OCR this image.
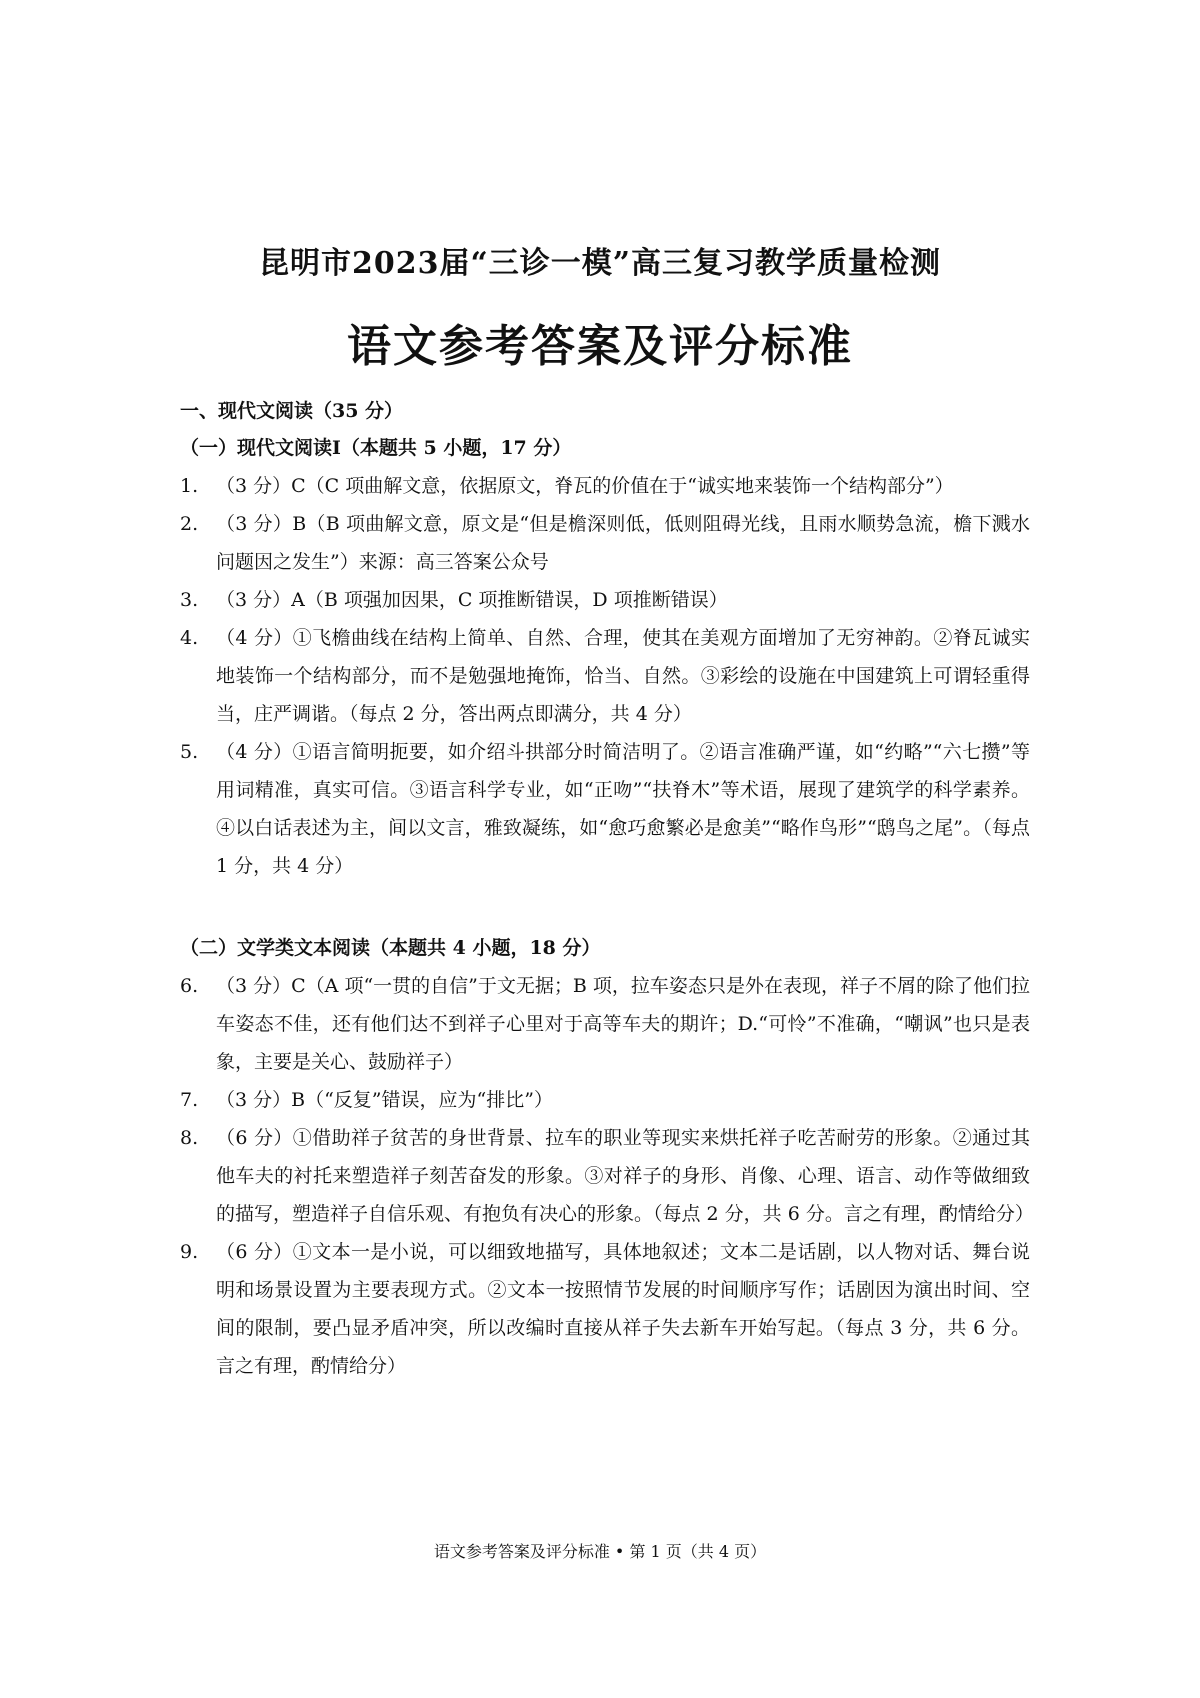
昆明市2023届“三诊一模”高三复习教学质量检测
语文参考答案及评分标准
一、现代文阅读（35 分）
（一）现代文阅读Ⅰ（本题共 5 小题，17 分）
1. （3 分）C（C 项曲解文意，依据原文，脊瓦的价值在于“诚实地来装饰一个结构部分”）
2. （3 分）B（B 项曲解文意，原文是“但是檐深则低，低则阻碍光线，且雨水顺势急流，檐下溅水问题因之发生”）来源：高三答案公众号
3. （3 分）A（B 项强加因果，C 项推断错误，D 项推断错误）
4. （4 分）①飞檐曲线在结构上简单、自然、合理，使其在美观方面增加了无穷神韵。②脊瓦诚实地装饰一个结构部分，而不是勉强地掩饰，恰当、自然。③彩绘的设施在中国建筑上可谓轻重得当，庄严调谐。（每点 2 分，答出两点即满分，共 4 分）
5. （4 分）①语言简明扼要，如介绍斗拱部分时简洁明了。②语言准确严谨，如“约略”“六七攒”等用词精准，真实可信。③语言科学专业，如“正吻”“扶脊木”等术语，展现了建筑学的科学素养。④以白话表述为主，间以文言，雅致凝练，如“愈巧愈繁必是愈美”“略作鸟形”“鸱鸟之尾”。（每点 1 分，共 4 分）
（二）文学类文本阅读（本题共 4 小题，18 分）
6. （3 分）C（A 项“一贯的自信”于文无据；B 项，拉车姿态只是外在表现，祥子不屑的除了他们拉车姿态不佳，还有他们达不到祥子心里对于高等车夫的期许；D.“可怜”不准确，“嘲讽”也只是表象，主要是关心、鼓励祥子）
7. （3 分）B（“反复”错误，应为“排比”）
8. （6 分）①借助祥子贫苦的身世背景、拉车的职业等现实来烘托祥子吃苦耐劳的形象。②通过其他车夫的衬托来塑造祥子刻苦奋发的形象。③对祥子的身形、肖像、心理、语言、动作等做细致的描写，塑造祥子自信乐观、有抱负有决心的形象。（每点 2 分，共 6 分。言之有理，酌情给分）
9. （6 分）①文本一是小说，可以细致地描写，具体地叙述；文本二是话剧，以人物对话、舞台说明和场景设置为主要表现方式。②文本一按照情节发展的时间顺序写作；话剧因为演出时间、空间的限制，要凸显矛盾冲突，所以改编时直接从祥子失去新车开始写起。（每点 3 分，共 6 分。言之有理，酌情给分）
语文参考答案及评分标准 • 第 1 页（共 4 页）
